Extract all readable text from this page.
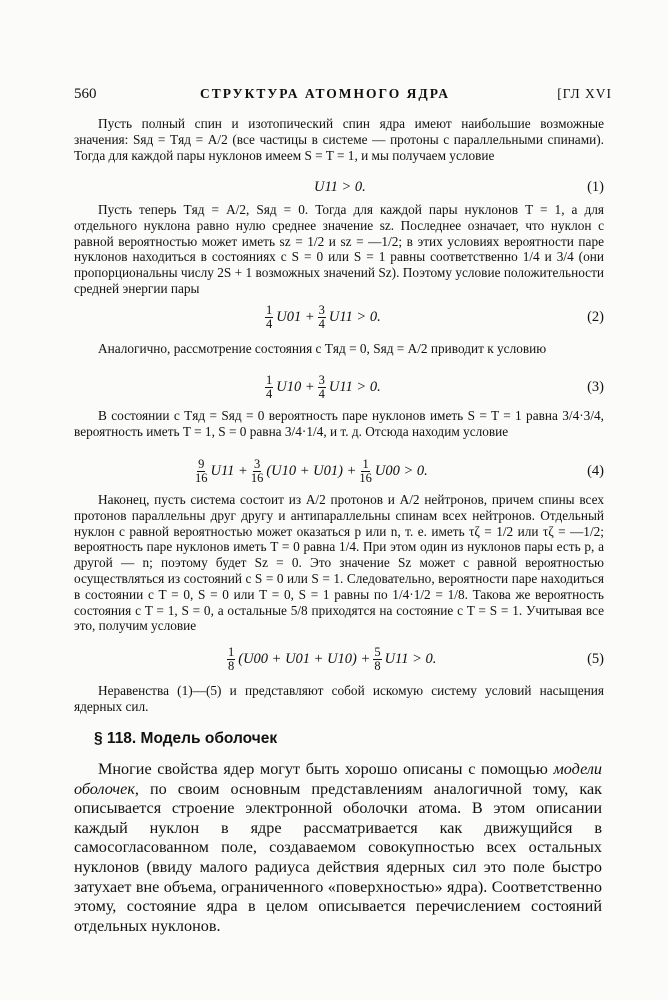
560	СТРУКТУРА АТОМНОГО ЯДРА	[ГЛ XVI

Пусть полный спин и изотопический спин ядра имеют наибольшие возможные значения: Sяд = Tяд = A/2 (все частицы в системе — протоны с параллельными спинами). Тогда для каждой пары нуклонов имеем S = T = 1, и мы получаем условие

U11 > 0.	(1)

Пусть теперь Tяд = A/2, Sяд = 0. Тогда для каждой пары нуклонов T = 1, а для отдельного нуклона равно нулю среднее значение sz. Последнее означает, что нуклон с равной вероятностью может иметь sz = 1/2 и sz = —1/2; в этих условиях вероятности паре нуклонов находиться в состояниях с S = 0 или S = 1 равны соответственно 1/4 и 3/4 (они пропорциональны числу 2S + 1 возможных значений Sz). Поэтому условие положительности средней энергии пары

$\frac{1}{4} U01 + \frac{3}{4} U11 > 0$.	(2)

Аналогично, рассмотрение состояния с Tяд = 0, Sяд = A/2 приводит к условию

$\frac{1}{4} U10 + \frac{3}{4} U11 > 0$.	(3)

В состоянии с Tяд = Sяд = 0 вероятность паре нуклонов иметь S = T = 1 равна 3/4·3/4, вероятность иметь T = 1, S = 0 равна 3/4·1/4, и т. д. Отсюда находим условие

$\frac{9}{16} U11 + \frac{3}{16} (U10 + U01) + \frac{1}{16} U00 > 0$.	(4)

Наконец, пусть система состоит из A/2 протонов и A/2 нейтронов, причем спины всех протонов параллельны друг другу и антипараллельны спинам всех нейтронов. Отдельный нуклон с равной вероятностью может оказаться p или n, т. е. иметь τζ = 1/2 или τζ = —1/2; вероятность паре нуклонов иметь T = 0 равна 1/4. При этом один из нуклонов пары есть p, а другой — n; поэтому будет Sz = 0. Это значение Sz может с равной вероятностью осуществляться из состояний с S = 0 или S = 1. Следовательно, вероятности паре находиться в состоянии с T = 0, S = 0 или T = 0, S = 1 равны по 1/4·1/2 = 1/8. Такова же вероятность состояния с T = 1, S = 0, а остальные 5/8 приходятся на состояние с T = S = 1. Учитывая все это, получим условие

$\frac{1}{8} (U00 + U01 + U10) + \frac{5}{8} U11 > 0$.	(5)

Неравенства (1)—(5) и представляют собой искомую систему условий насыщения ядерных сил.

§ 118. Модель оболочек

Многие свойства ядер могут быть хорошо описаны с помощью модели оболочек, по своим основным представлениям аналогичной тому, как описывается строение электронной оболочки атома. В этом описании каждый нуклон в ядре рассматривается как движущийся в самосогласованном поле, создаваемом совокупностью всех остальных нуклонов (ввиду малого радиуса действия ядерных сил это поле быстро затухает вне объема, ограниченного «поверхностью» ядра). Соответственно этому, состояние ядра в целом описывается перечислением состояний отдельных нуклонов.
